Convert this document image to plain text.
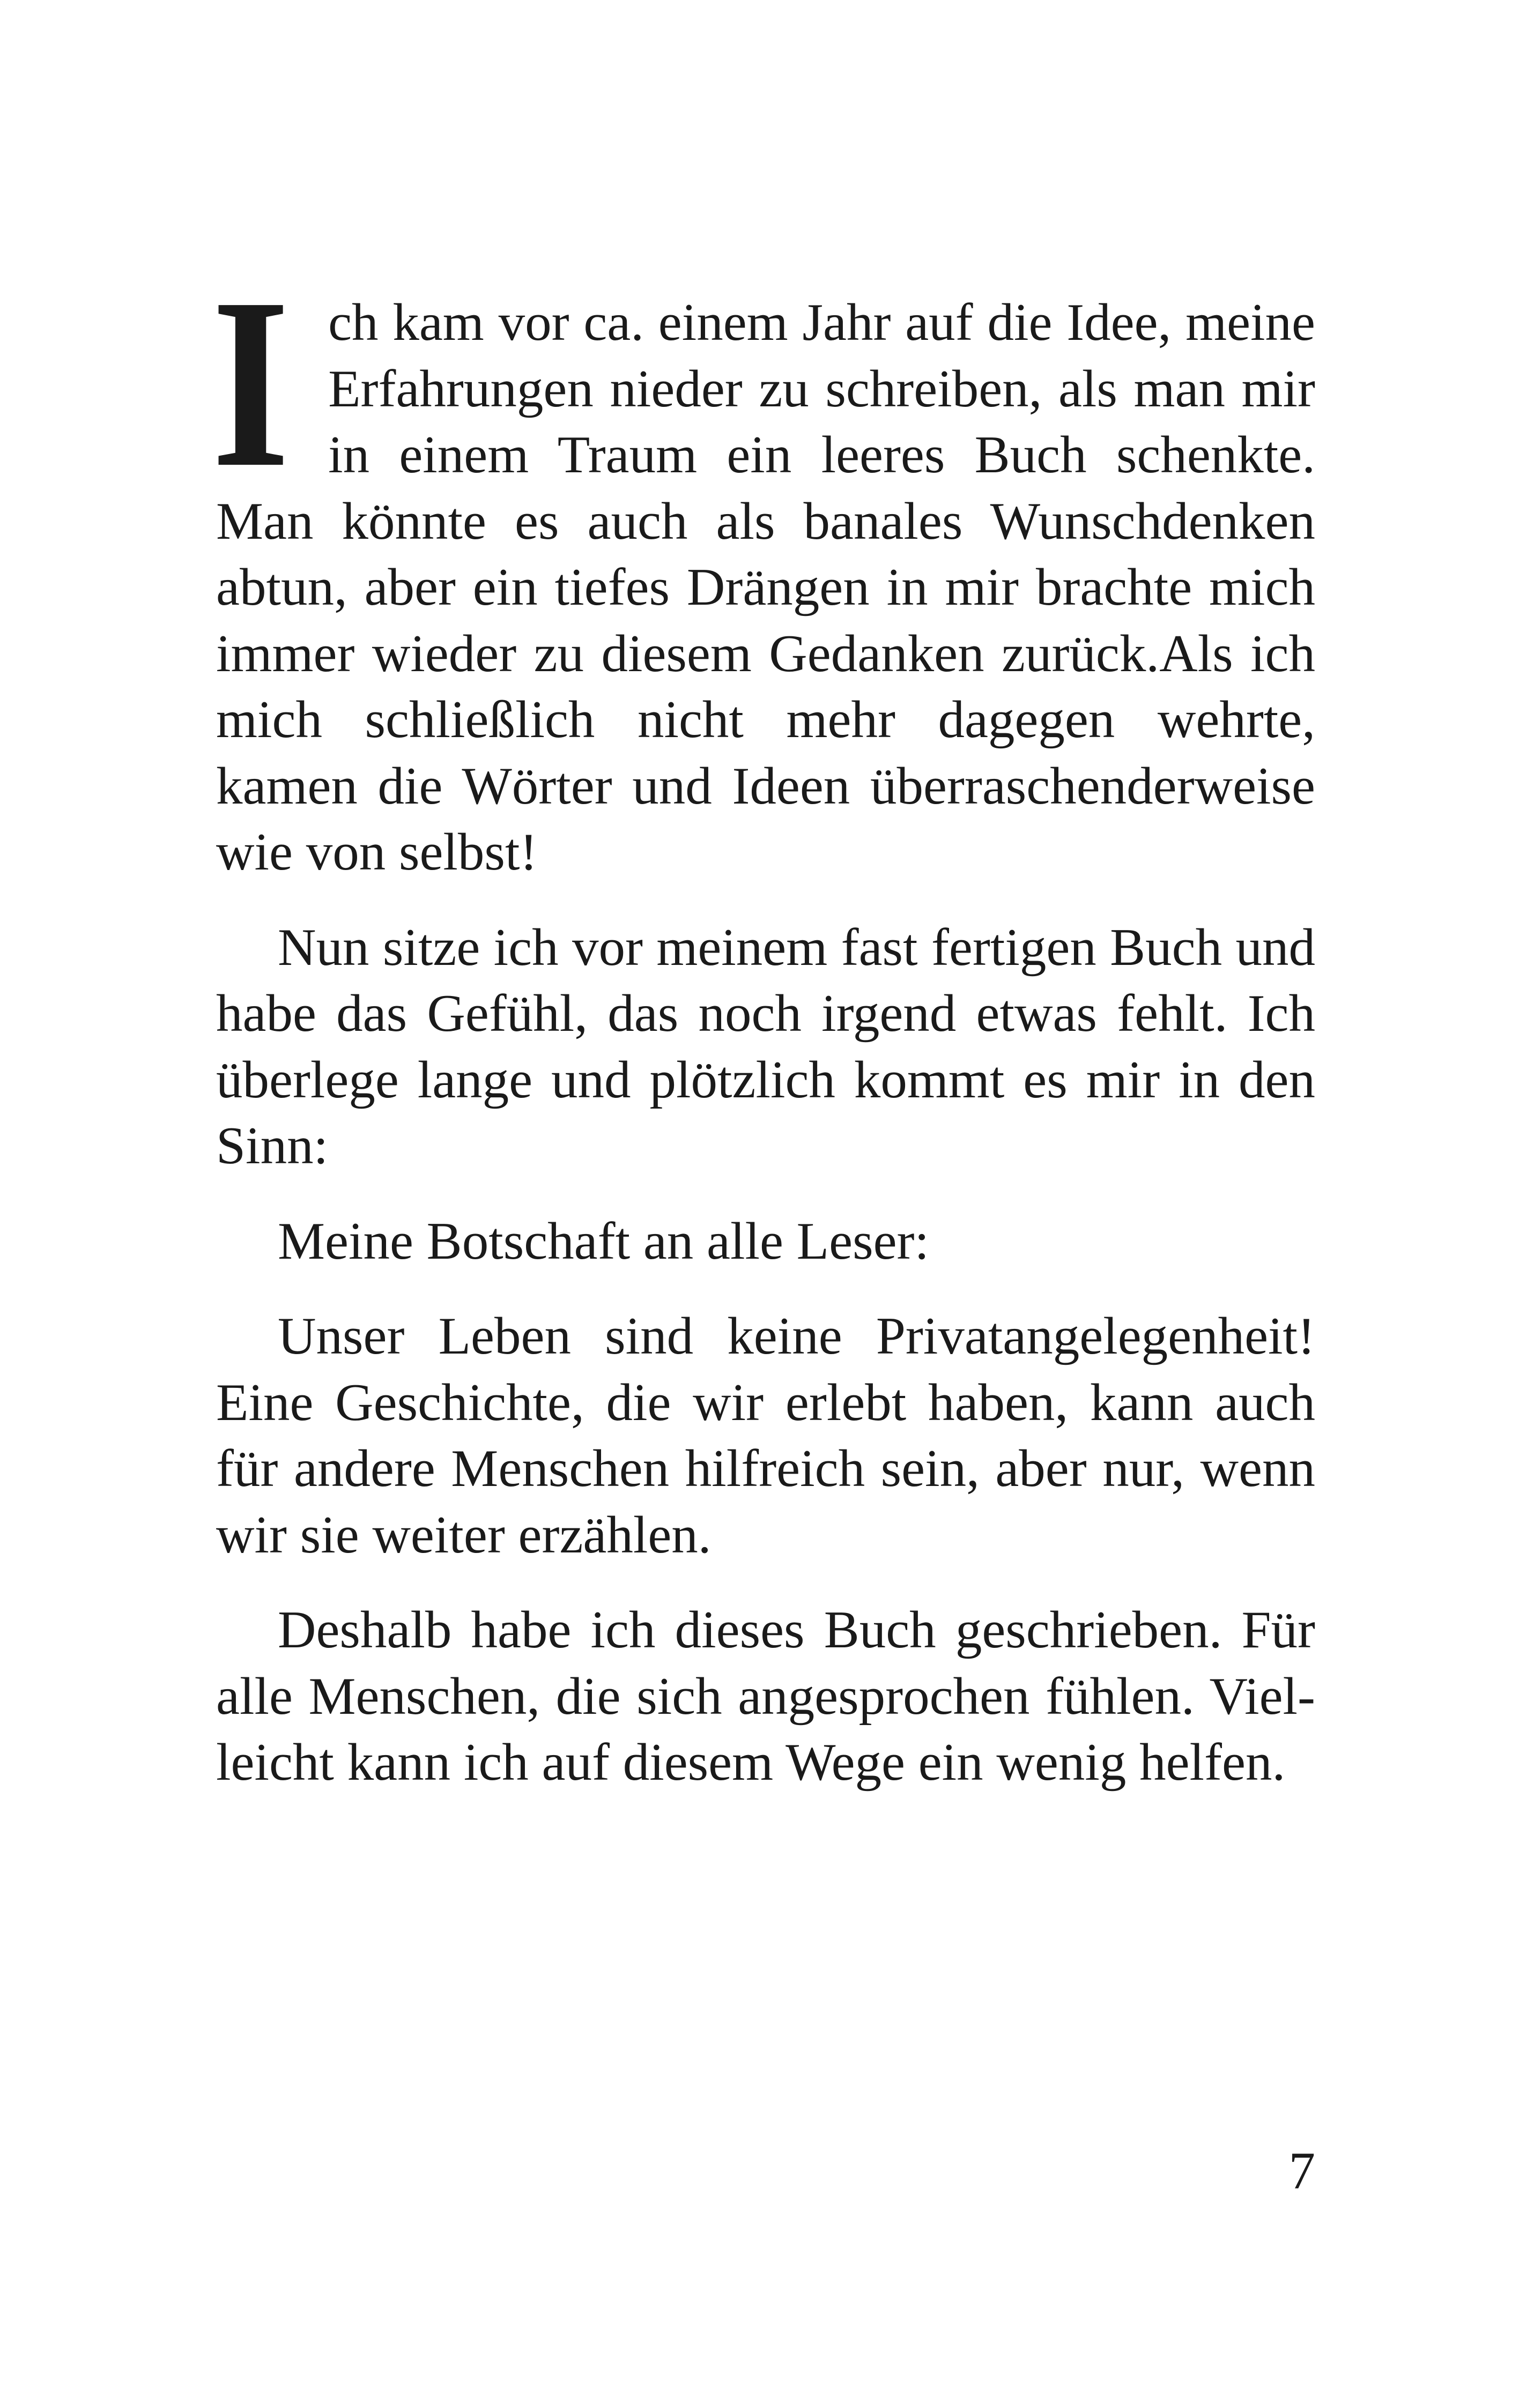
Ich kam vor ca. einem Jahr auf die Idee, meine Erfahrungen nieder zu schreiben, als man mir in einem Traum ein leeres Buch schenkte. Man könnte es auch als banales Wunschdenken abtun, aber ein tiefes Drängen in mir brachte mich immer wieder zu diesem Gedanken zurück.Als ich mich schließlich nicht mehr dagegen wehrte, kamen die Wörter und Ideen überraschenderweise wie von selbst!

Nun sitze ich vor meinem fast fertigen Buch und habe das Gefühl, das noch irgend etwas fehlt. Ich überlege lange und plötzlich kommt es mir in den Sinn:

Meine Botschaft an alle Leser:

Unser Leben sind keine Privatangelegenheit! Eine Geschichte, die wir erlebt haben, kann auch für andere Menschen hilfreich sein, aber nur, wenn wir sie weiter erzählen.

Deshalb habe ich dieses Buch geschrieben. Für alle Menschen, die sich angesprochen fühlen. Vielleicht kann ich auf diesem Wege ein wenig helfen.

7
